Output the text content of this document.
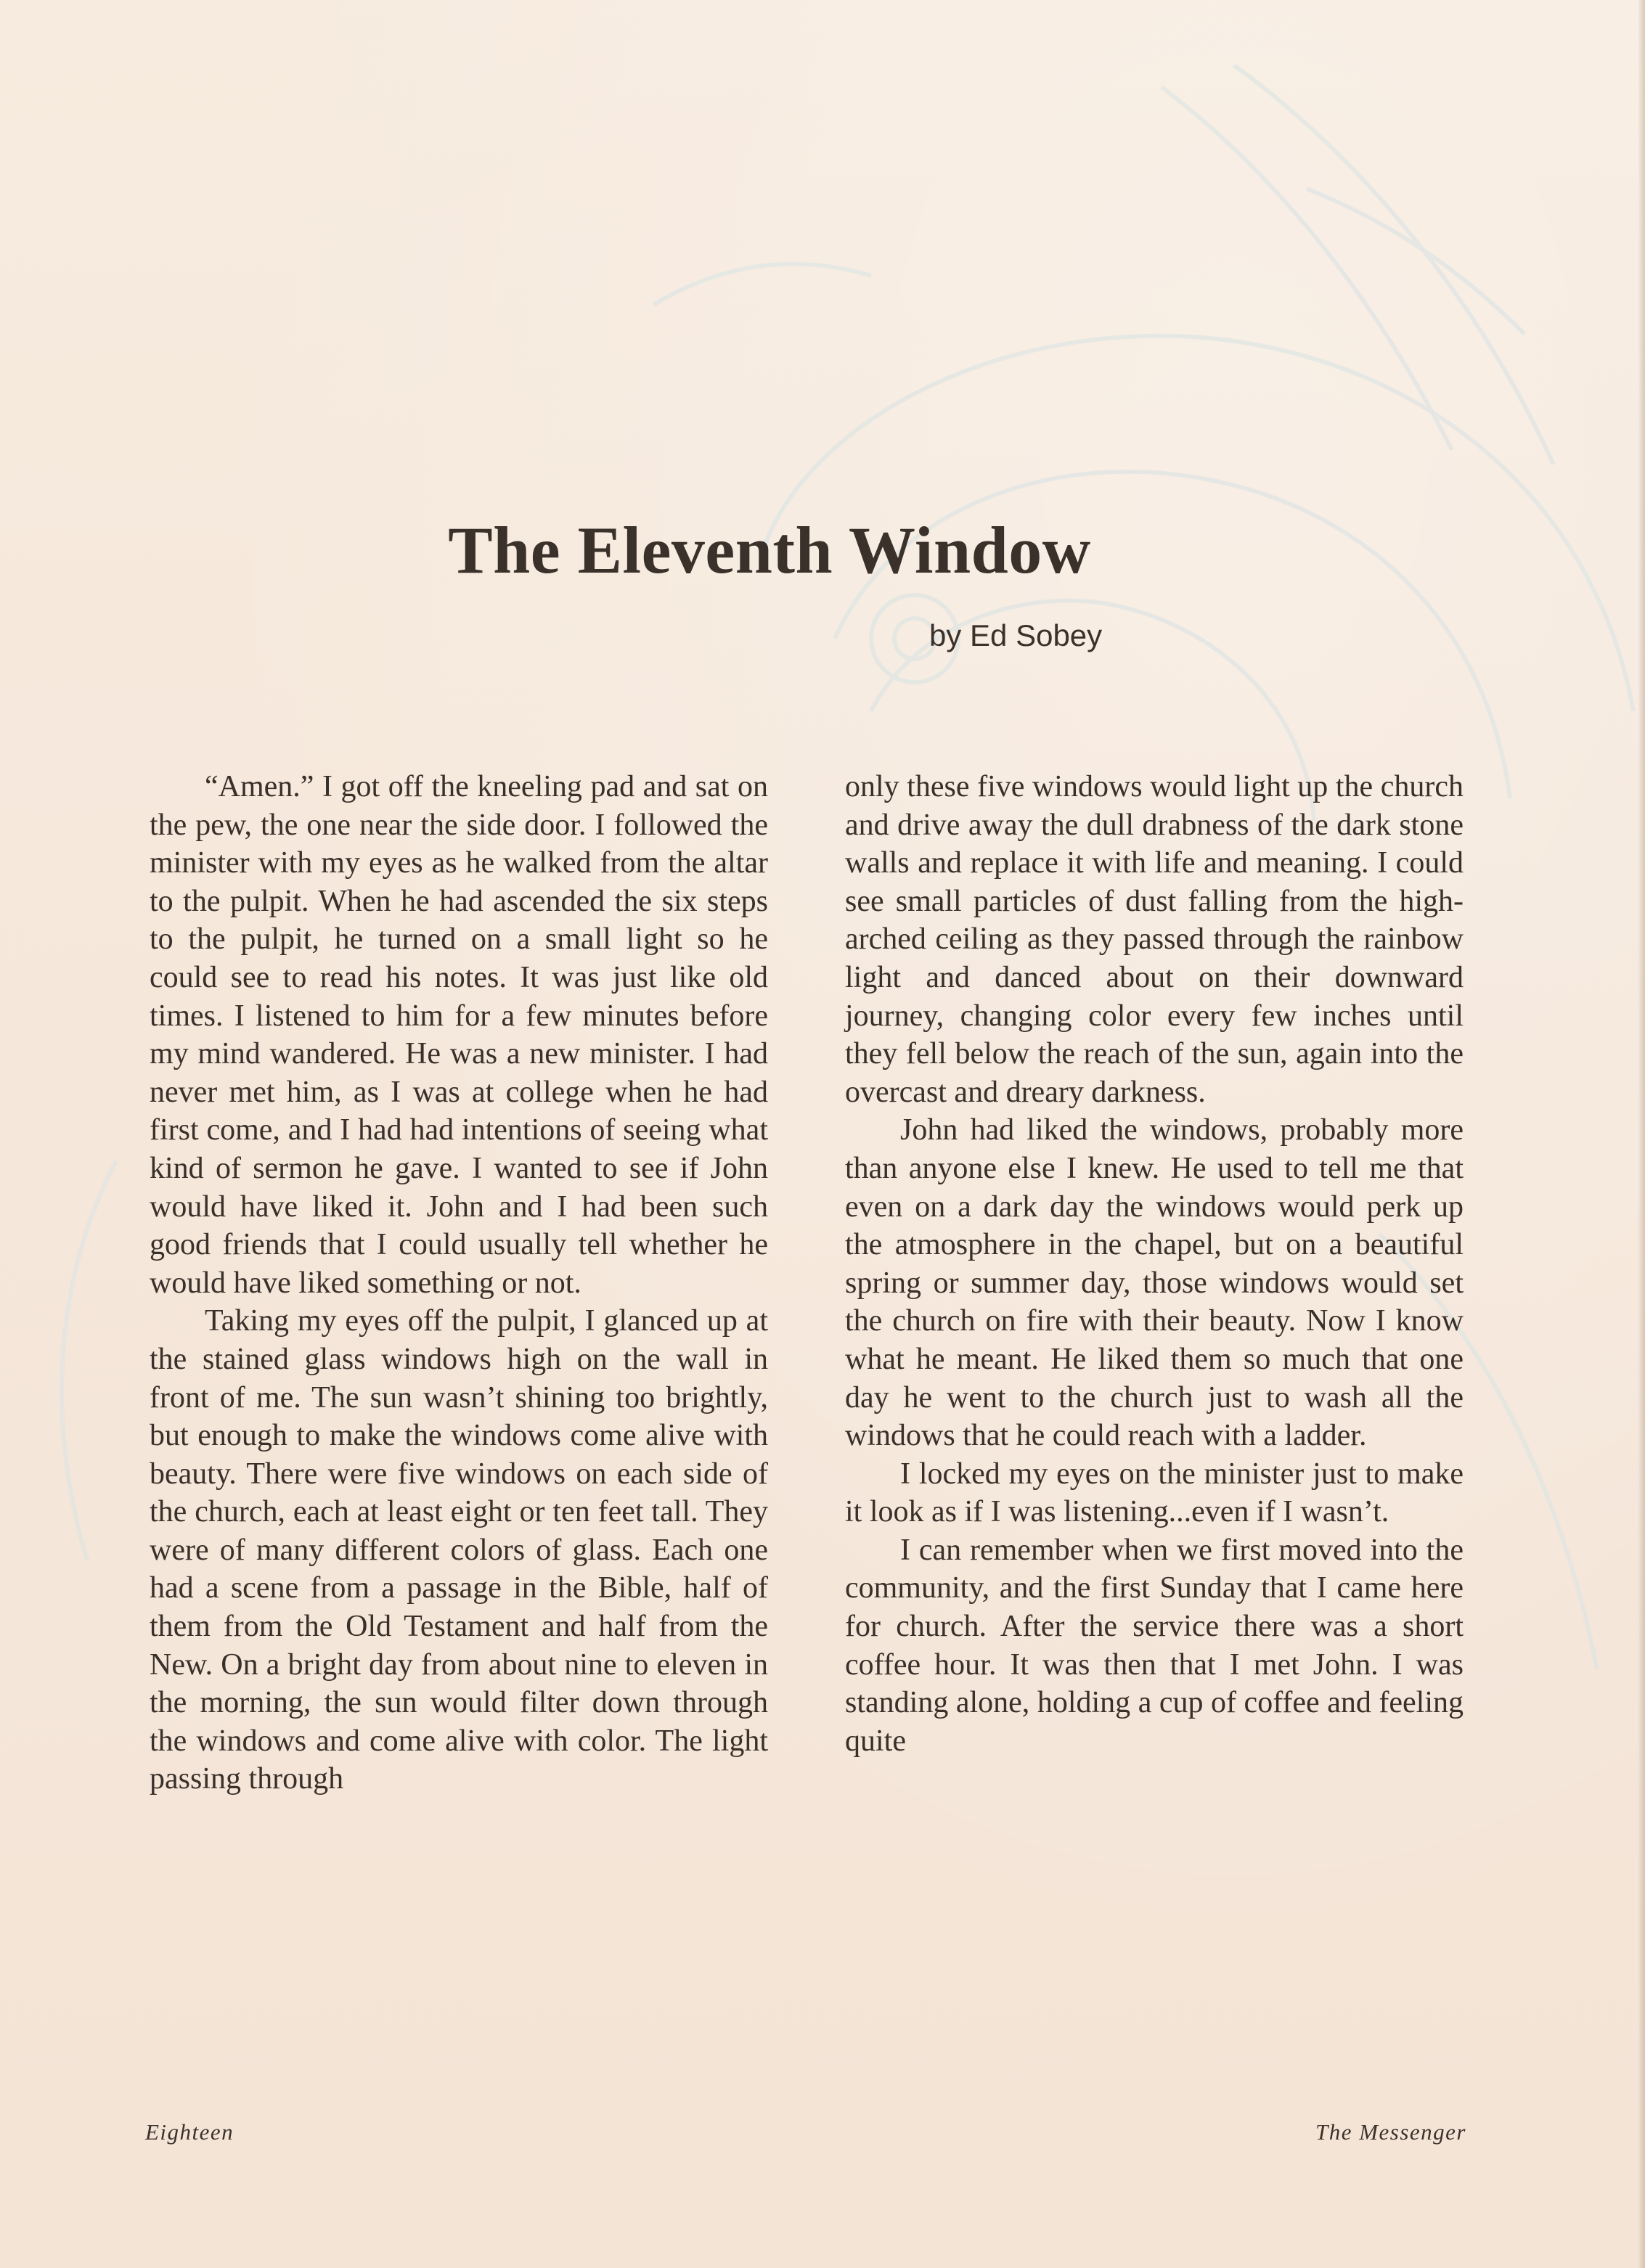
The Eleventh Window

by Ed Sobey

“Amen.” I got off the kneeling pad and sat on the pew, the one near the side door. I followed the minister with my eyes as he walked from the altar to the pulpit. When he had ascended the six steps to the pulpit, he turned on a small light so he could see to read his notes. It was just like old times. I listened to him for a few minutes before my mind wandered. He was a new minister. I had never met him, as I was at college when he had first come, and I had had intentions of seeing what kind of sermon he gave. I wanted to see if John would have liked it. John and I had been such good friends that I could usually tell whether he would have liked something or not.

Taking my eyes off the pulpit, I glanced up at the stained glass windows high on the wall in front of me. The sun wasn’t shining too brightly, but enough to make the windows come alive with beauty. There were five windows on each side of the church, each at least eight or ten feet tall. They were of many different colors of glass. Each one had a scene from a passage in the Bible, half of them from the Old Testament and half from the New. On a bright day from about nine to eleven in the morning, the sun would filter down through the windows and come alive with color. The light passing through

only these five windows would light up the church and drive away the dull drabness of the dark stone walls and replace it with life and meaning. I could see small particles of dust falling from the high-arched ceiling as they passed through the rainbow light and danced about on their downward journey, changing color every few inches until they fell below the reach of the sun, again into the overcast and dreary darkness.

John had liked the windows, probably more than anyone else I knew. He used to tell me that even on a dark day the windows would perk up the atmosphere in the chapel, but on a beautiful spring or summer day, those windows would set the church on fire with their beauty. Now I know what he meant. He liked them so much that one day he went to the church just to wash all the windows that he could reach with a ladder.

I locked my eyes on the minister just to make it look as if I was listening...even if I wasn’t.

I can remember when we first moved into the community, and the first Sunday that I came here for church. After the service there was a short coffee hour. It was then that I met John. I was standing alone, holding a cup of coffee and feeling quite

Eighteen	The Messenger
